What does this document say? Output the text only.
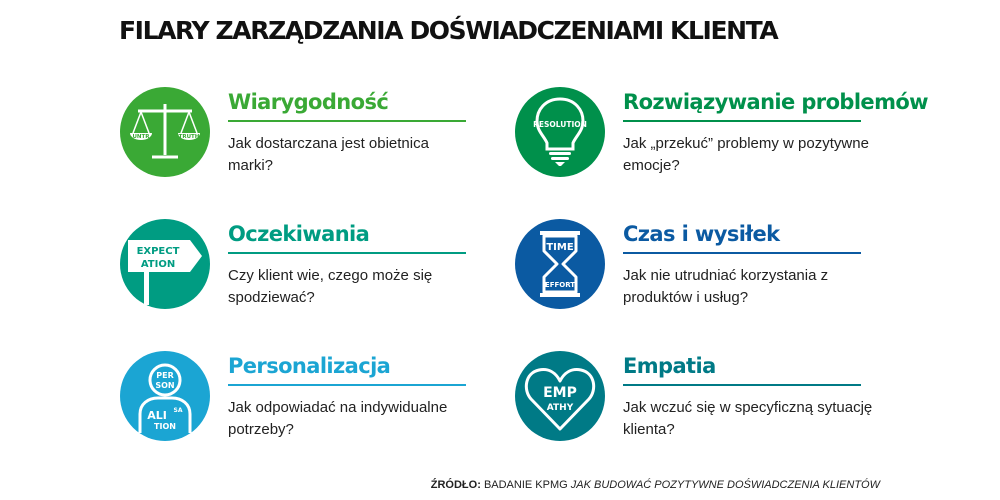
FILARY ZARZĄDZANIA DOŚWIADCZENIAMI KLIENTA
UNTR	TRUTH
Wiarygodność
Jak dostarczana jest obietnica marki?
RESOLUTION
Rozwiązywanie problemów
Jak „przekuć” problemy w pozytywne emocje?
EXPECT
ATION
Oczekiwania
Czy klient wie, czego może się spodziewać?
TIME
EFFORT
Czas i wysiłek
Jak nie utrudniać korzystania z produktów i usług?
PER
SON
ALI SA
TION
Personalizacja
Jak odpowiadać na indywidualne potrzeby?
EMP
ATHY
Empatia
Jak wczuć się w specyficzną sytuację klienta?
ŹRÓDŁO: BADANIE KPMG JAK BUDOWAĆ POZYTYWNE DOŚWIADCZENIA KLIENTÓW
